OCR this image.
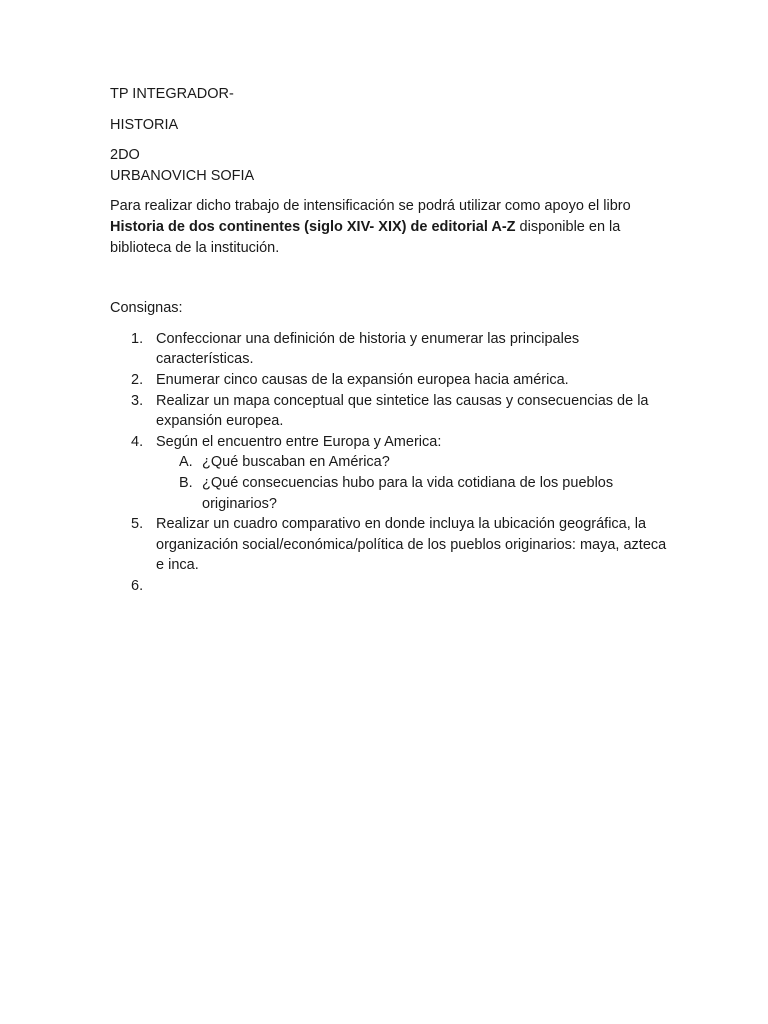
TP INTEGRADOR-

HISTORIA

2DO

URBANOVICH SOFIA

Para realizar dicho trabajo de intensificación se podrá utilizar como apoyo el libro Historia de dos continentes (siglo XIV- XIX) de editorial A-Z disponible en la biblioteca de la institución.

Consignas:

1. Confeccionar una definición de historia y enumerar las principales características.
2. Enumerar cinco causas de la expansión europea hacia américa.
3. Realizar un mapa conceptual que sintetice las causas y consecuencias de la expansión europea.
4. Según el encuentro entre Europa y America:
A. ¿Qué buscaban en América?
B. ¿Qué consecuencias hubo para la vida cotidiana de los pueblos originarios?
5. Realizar un cuadro comparativo en donde incluya la ubicación geográfica, la organización social/económica/política de los pueblos originarios: maya, azteca e inca.
6.
